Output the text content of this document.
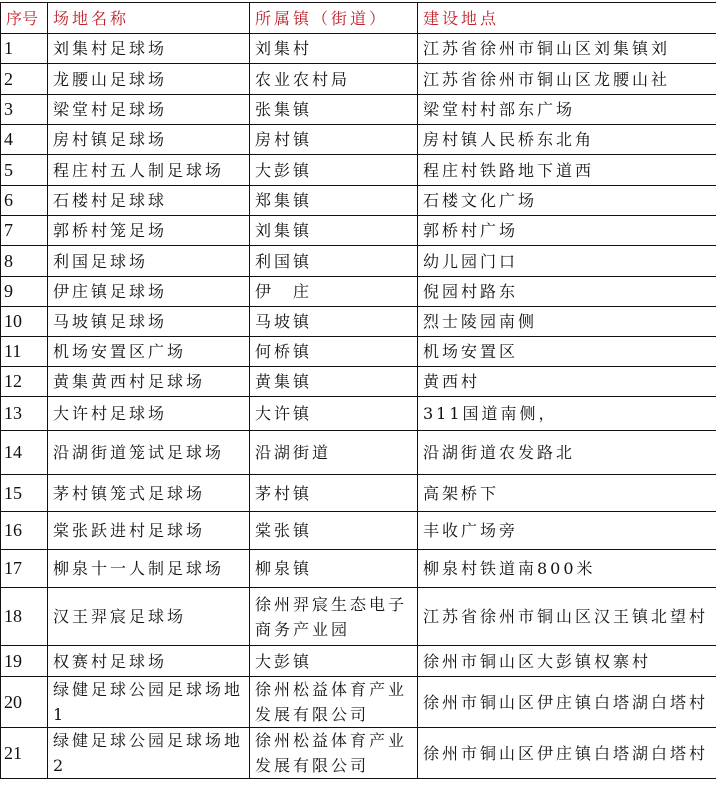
序号	场地名称	所属镇（街道）	建设地点
1	刘集村足球场	刘集村	江苏省徐州市铜山区刘集镇刘
2	龙腰山足球场	农业农村局	江苏省徐州市铜山区龙腰山社
3	梁堂村足球场	张集镇	梁堂村村部东广场
4	房村镇足球场	房村镇	房村镇人民桥东北角
5	程庄村五人制足球场	大彭镇	程庄村铁路地下道西
6	石楼村足球球	郑集镇	石楼文化广场
7	郭桥村笼足场	刘集镇	郭桥村广场
8	利国足球场	利国镇	幼儿园门口
9	伊庄镇足球场	伊　庄	倪园村路东
10	马坡镇足球场	马坡镇	烈士陵园南侧
11	机场安置区广场	何桥镇	机场安置区
12	黄集黄西村足球场	黄集镇	黄西村
13	大许村足球场	大许镇	311国道南侧，
14	沿湖街道笼试足球场	沿湖街道	沿湖街道农发路北
15	茅村镇笼式足球场	茅村镇	高架桥下
16	棠张跃进村足球场	棠张镇	丰收广场旁
17	柳泉十一人制足球场	柳泉镇	柳泉村铁道南800米
18	汉王羿宸足球场	徐州羿宸生态电子商务产业园	江苏省徐州市铜山区汉王镇北望村
19	权赛村足球场	大彭镇	徐州市铜山区大彭镇权寨村
20	绿健足球公园足球场地1	徐州松益体育产业发展有限公司	徐州市铜山区伊庄镇白塔湖白塔村
21	绿健足球公园足球场地2	徐州松益体育产业发展有限公司	徐州市铜山区伊庄镇白塔湖白塔村
